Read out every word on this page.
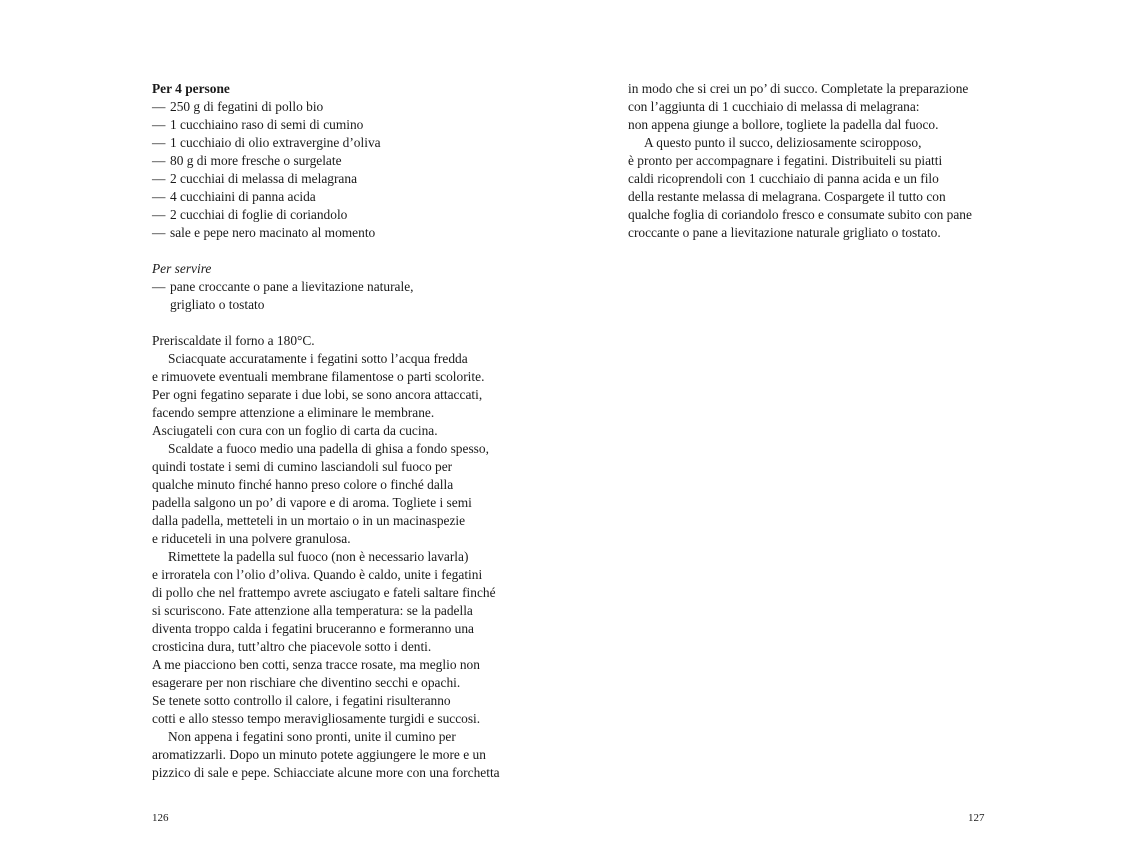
Per 4 persone
— 250 g di fegatini di pollo bio
— 1 cucchiaino raso di semi di cumino
— 1 cucchiaio di olio extravergine d’oliva
— 80 g di more fresche o surgelate
— 2 cucchiai di melassa di melagrana
— 4 cucchiaini di panna acida
— 2 cucchiai di foglie di coriandolo
— sale e pepe nero macinato al momento
Per servire
— pane croccante o pane a lievitazione naturale,
grigliato o tostato
Preriscaldate il forno a 180°C.
Sciacquate accuratamente i fegatini sotto l’acqua fredda
e rimuovete eventuali membrane filamentose o parti scolorite.
Per ogni fegatino separate i due lobi, se sono ancora attaccati,
facendo sempre attenzione a eliminare le membrane.
Asciugateli con cura con un foglio di carta da cucina.
Scaldate a fuoco medio una padella di ghisa a fondo spesso,
quindi tostate i semi di cumino lasciandoli sul fuoco per
qualche minuto finché hanno preso colore o finché dalla
padella salgono un po’ di vapore e di aroma. Togliete i semi
dalla padella, metteteli in un mortaio o in un macinaspezie
e riduceteli in una polvere granulosa.
Rimettete la padella sul fuoco (non è necessario lavarla)
e irroratela con l’olio d’oliva. Quando è caldo, unite i fegatini
di pollo che nel frattempo avrete asciugato e fateli saltare finché
si scuriscono. Fate attenzione alla temperatura: se la padella
diventa troppo calda i fegatini bruceranno e formeranno una
crosticina dura, tutt’altro che piacevole sotto i denti.
A me piacciono ben cotti, senza tracce rosate, ma meglio non
esagerare per non rischiare che diventino secchi e opachi.
Se tenete sotto controllo il calore, i fegatini risulteranno
cotti e allo stesso tempo meravigliosamente turgidi e succosi.
Non appena i fegatini sono pronti, unite il cumino per
aromatizzarli. Dopo un minuto potete aggiungere le more e un
pizzico di sale e pepe. Schiacciate alcune more con una forchetta
126
in modo che si crei un po’ di succo. Completate la preparazione
con l’aggiunta di 1 cucchiaio di melassa di melagrana:
non appena giunge a bollore, togliete la padella dal fuoco.
A questo punto il succo, deliziosamente sciropposo,
è pronto per accompagnare i fegatini. Distribuiteli su piatti
caldi ricoprendoli con 1 cucchiaio di panna acida e un filo
della restante melassa di melagrana. Cospargete il tutto con
qualche foglia di coriandolo fresco e consumate subito con pane
croccante o pane a lievitazione naturale grigliato o tostato.
127
